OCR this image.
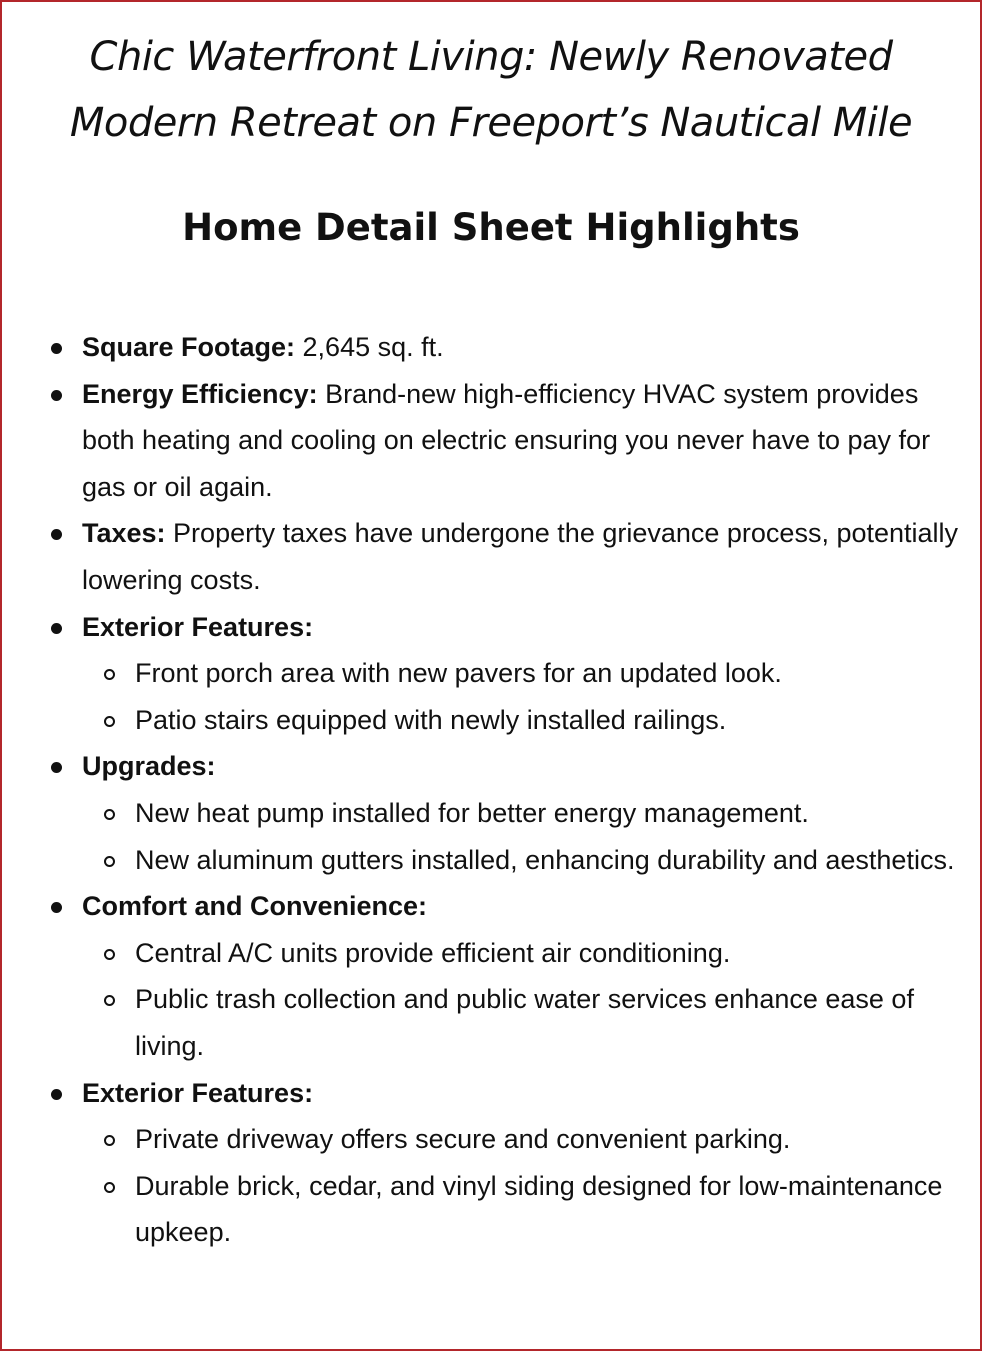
Chic Waterfront Living: Newly Renovated
Modern Retreat on Freeport’s Nautical Mile
Home Detail Sheet Highlights
Square Footage: 2,645 sq. ft.
Energy Efficiency: Brand-new high-efficiency HVAC system provides both heating and cooling on electric ensuring you never have to pay for gas or oil again.
Taxes: Property taxes have undergone the grievance process, potentially lowering costs.
Exterior Features:
Front porch area with new pavers for an updated look.
Patio stairs equipped with newly installed railings.
Upgrades:
New heat pump installed for better energy management.
New aluminum gutters installed, enhancing durability and aesthetics.
Comfort and Convenience:
Central A/C units provide efficient air conditioning.
Public trash collection and public water services enhance ease of living.
Exterior Features:
Private driveway offers secure and convenient parking.
Durable brick, cedar, and vinyl siding designed for low-maintenance upkeep.
